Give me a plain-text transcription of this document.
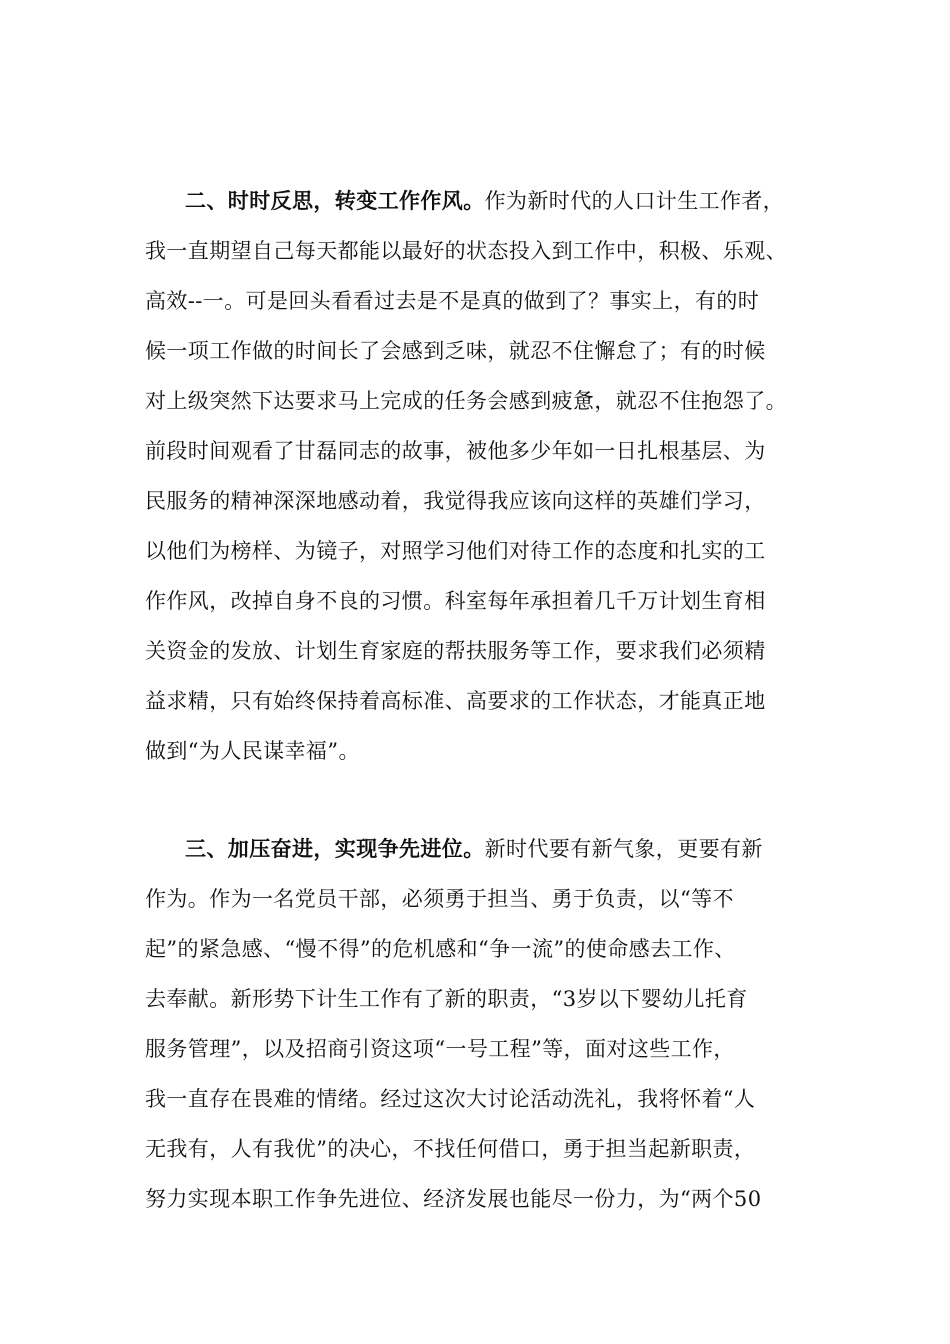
二、时时反思，转变工作作风。作为新时代的人口计生工作者，
我一直期望自己每天都能以最好的状态投入到工作中，积极、乐观、
高效--一。可是回头看看过去是不是真的做到了？事实上，有的时
候一项工作做的时间长了会感到乏味，就忍不住懈怠了；有的时候
对上级突然下达要求马上完成的任务会感到疲惫，就忍不住抱怨了。
前段时间观看了甘磊同志的故事，被他多少年如一日扎根基层、为
民服务的精神深深地感动着，我觉得我应该向这样的英雄们学习，
以他们为榜样、为镜子，对照学习他们对待工作的态度和扎实的工
作作风，改掉自身不良的习惯。科室每年承担着几千万计划生育相
关资金的发放、计划生育家庭的帮扶服务等工作，要求我们必须精
益求精，只有始终保持着高标准、高要求的工作状态，才能真正地
做到“为人民谋幸福”。
三、加压奋进，实现争先进位。新时代要有新气象，更要有新
作为。作为一名党员干部，必须勇于担当、勇于负责，以“等不
起”的紧急感、“慢不得”的危机感和“争一流”的使命感去工作、
去奉献。新形势下计生工作有了新的职责，“3岁以下婴幼儿托育
服务管理”，以及招商引资这项“一号工程”等，面对这些工作，
我一直存在畏难的情绪。经过这次大讨论活动洗礼，我将怀着“人
无我有，人有我优”的决心，不找任何借口，勇于担当起新职责，
努力实现本职工作争先进位、经济发展也能尽一份力，为“两个50
